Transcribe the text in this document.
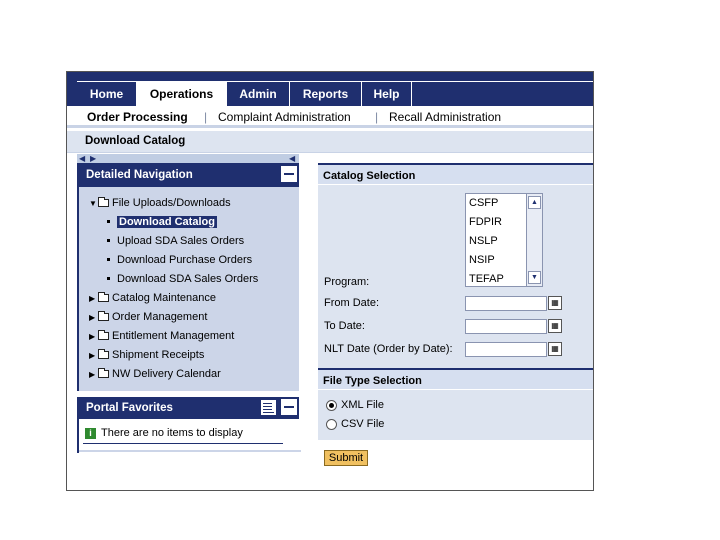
Home	Operations	Admin	Reports	Help
Order Processing | Complaint Administration | Recall Administration
Download Catalog
◀ ▶	◀
Detailed Navigation
▼ File Uploads/Downloads
Download Catalog
Upload SDA Sales Orders
Download Purchase Orders
Download SDA Sales Orders
▶ Catalog Maintenance
▶ Order Management
▶ Entitlement Management
▶ Shipment Receipts
▶ NW Delivery Calendar
Portal Favorites
i There are no items to display
Catalog Selection
CSFP
FDPIR
NSLP
NSIP
TEFAP
▲
▼
Program:
From Date:	▦
To Date:	▦
NLT Date (Order by Date):	▦
File Type Selection
XML File
CSV File
Submit
